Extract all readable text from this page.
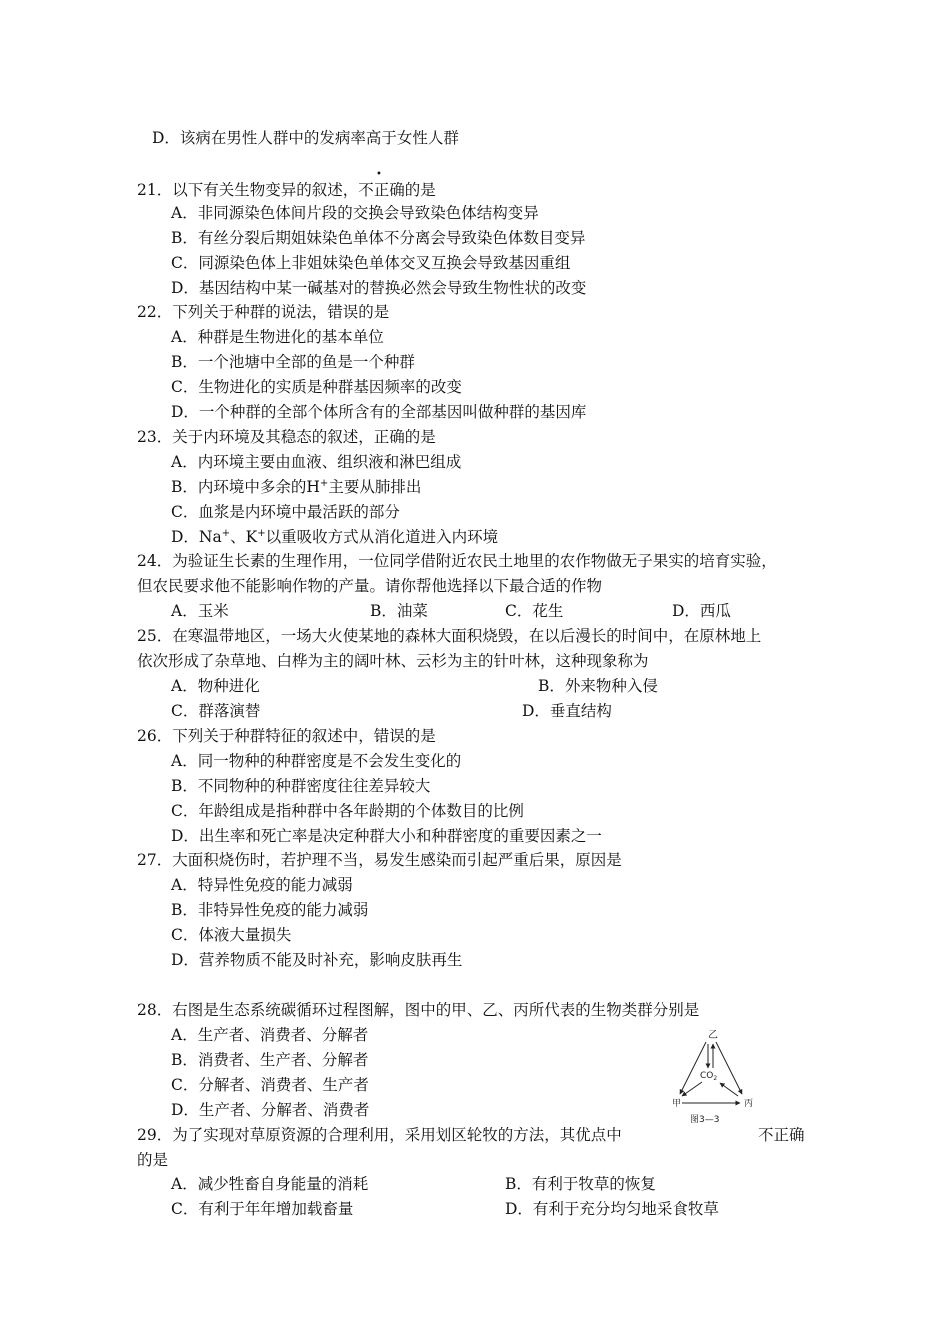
D．该病在男性人群中的发病率高于女性人群
•
21．以下有关生物变异的叙述，不正确的是
A．非同源染色体间片段的交换会导致染色体结构变异
B．有丝分裂后期姐妹染色单体不分离会导致染色体数目变异
C．同源染色体上非姐妹染色单体交叉互换会导致基因重组
D．基因结构中某一碱基对的替换必然会导致生物性状的改变
22．下列关于种群的说法，错误的是
A．种群是生物进化的基本单位
B．一个池塘中全部的鱼是一个种群
C．生物进化的实质是种群基因频率的改变
D．一个种群的全部个体所含有的全部基因叫做种群的基因库
23．关于内环境及其稳态的叙述，正确的是
A．内环境主要由血液、组织液和淋巴组成
B．内环境中多余的H+主要从肺排出
C．血浆是内环境中最活跃的部分
D．Na+、K+以重吸收方式从消化道进入内环境
24．为验证生长素的生理作用，一位同学借附近农民土地里的农作物做无子果实的培育实验，
但农民要求他不能影响作物的产量。请你帮他选择以下最合适的作物
A．玉米	B．油菜	C．花生	D．西瓜
25．在寒温带地区，一场大火使某地的森林大面积烧毁，在以后漫长的时间中，在原林地上
依次形成了杂草地、白桦为主的阔叶林、云杉为主的针叶林，这种现象称为
A．物种进化	B．外来物种入侵
C．群落演替	D．垂直结构
26．下列关于种群特征的叙述中，错误的是
A．同一物种的种群密度是不会发生变化的
B．不同物种的种群密度往往差异较大
C．年龄组成是指种群中各年龄期的个体数目的比例
D．出生率和死亡率是决定种群大小和种群密度的重要因素之一
27．大面积烧伤时，若护理不当，易发生感染而引起严重后果，原因是
A．特异性免疫的能力减弱
B．非特异性免疫的能力减弱
C．体液大量损失
D．营养物质不能及时补充，影响皮肤再生
28．右图是生态系统碳循环过程图解，图中的甲、乙、丙所代表的生物类群分别是
A．生产者、消费者、分解者
B．消费者、生产者、分解者
C．分解者、消费者、生产者
D．生产者、分解者、消费者
乙
甲	丙
$CO_2$
图3—3
29．为了实现对草原资源的合理利用，采用划区轮牧的方法，其优点中	不正确
的是
A．减少牲畜自身能量的消耗	B．有利于牧草的恢复
C．有利于年年增加载畜量	D．有利于充分均匀地采食牧草
